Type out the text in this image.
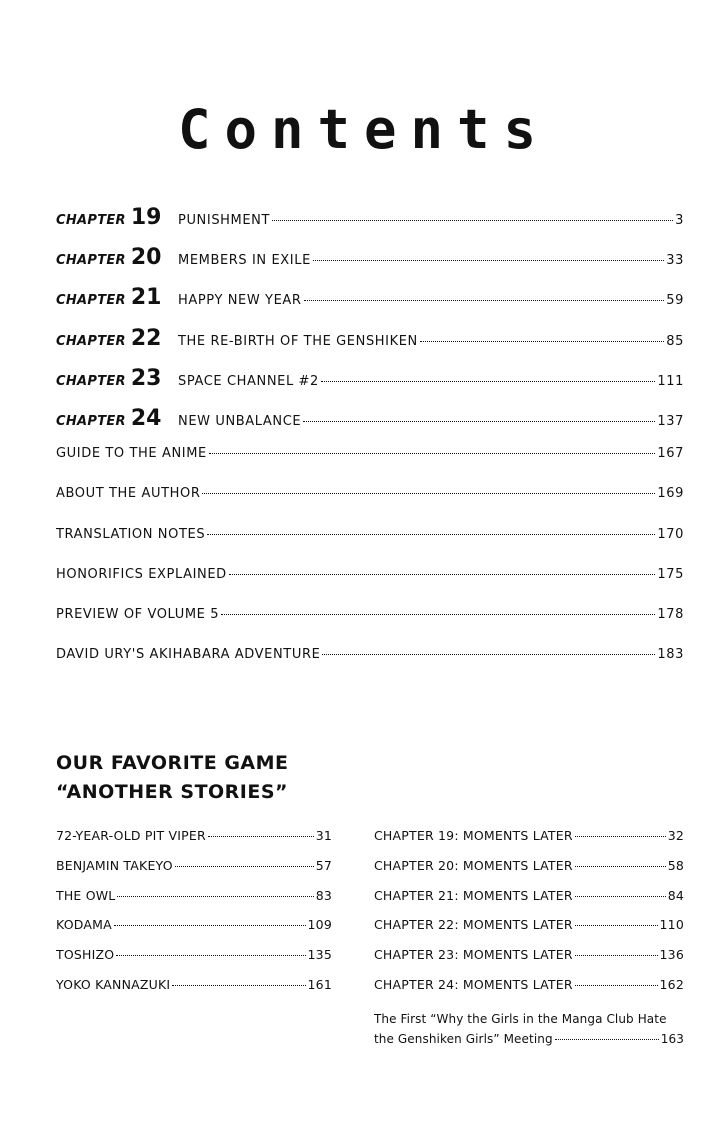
Contents
CHAPTER 19 PUNISHMENT	3
CHAPTER 20 MEMBERS IN EXILE	33
CHAPTER 21 HAPPY NEW YEAR	59
CHAPTER 22 THE RE-BIRTH OF THE GENSHIKEN	85
CHAPTER 23 SPACE CHANNEL #2	111
CHAPTER 24 NEW UNBALANCE	137
GUIDE TO THE ANIME	167
ABOUT THE AUTHOR	169
TRANSLATION NOTES	170
HONORIFICS EXPLAINED	175
PREVIEW OF VOLUME 5	178
DAVID URY'S AKIHABARA ADVENTURE	183
OUR FAVORITE GAME
“ANOTHER STORIES”
72-YEAR-OLD PIT VIPER	31
BENJAMIN TAKEYO	57
THE OWL	83
KODAMA	109
TOSHIZO	135
YOKO KANNAZUKI	161
CHAPTER 19: MOMENTS LATER	32
CHAPTER 20: MOMENTS LATER	58
CHAPTER 21: MOMENTS LATER	84
CHAPTER 22: MOMENTS LATER	110
CHAPTER 23: MOMENTS LATER	136
CHAPTER 24: MOMENTS LATER	162
The First “Why the Girls in the Manga Club Hate
the Genshiken Girls” Meeting	163
